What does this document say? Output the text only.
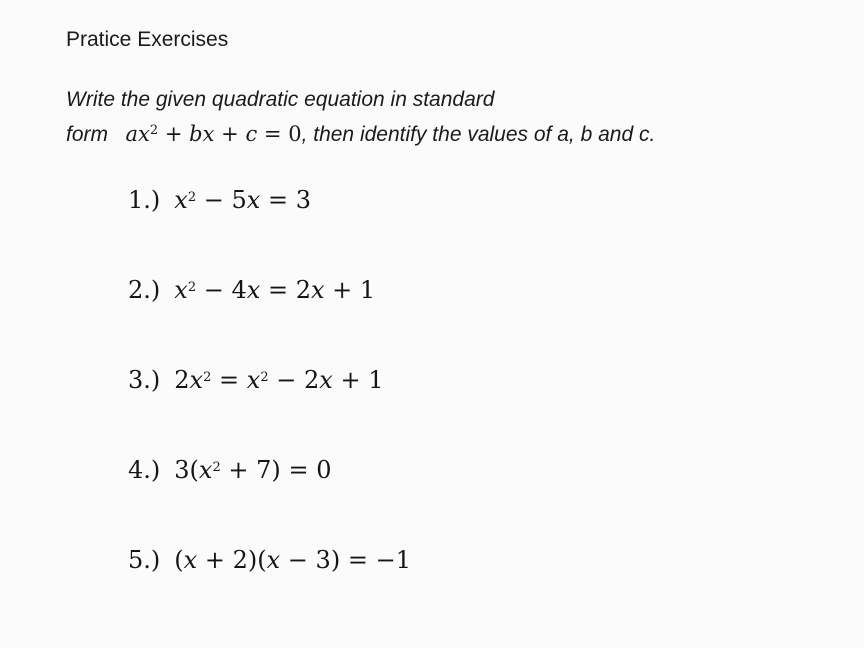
Pratice Exercises
Write the given quadratic equation in standard
form $ax^2$ + bx + c = 0, then identify the values of a, b and c.
1.) $x^2 - 5x = 3$
2.) $x^2 - 4x = 2x + 1$
3.) $2x^2 = x^2 - 2x + 1$
4.) $3(x^2 + 7) = 0$
5.) (x + 2)(x − 3) = −1
